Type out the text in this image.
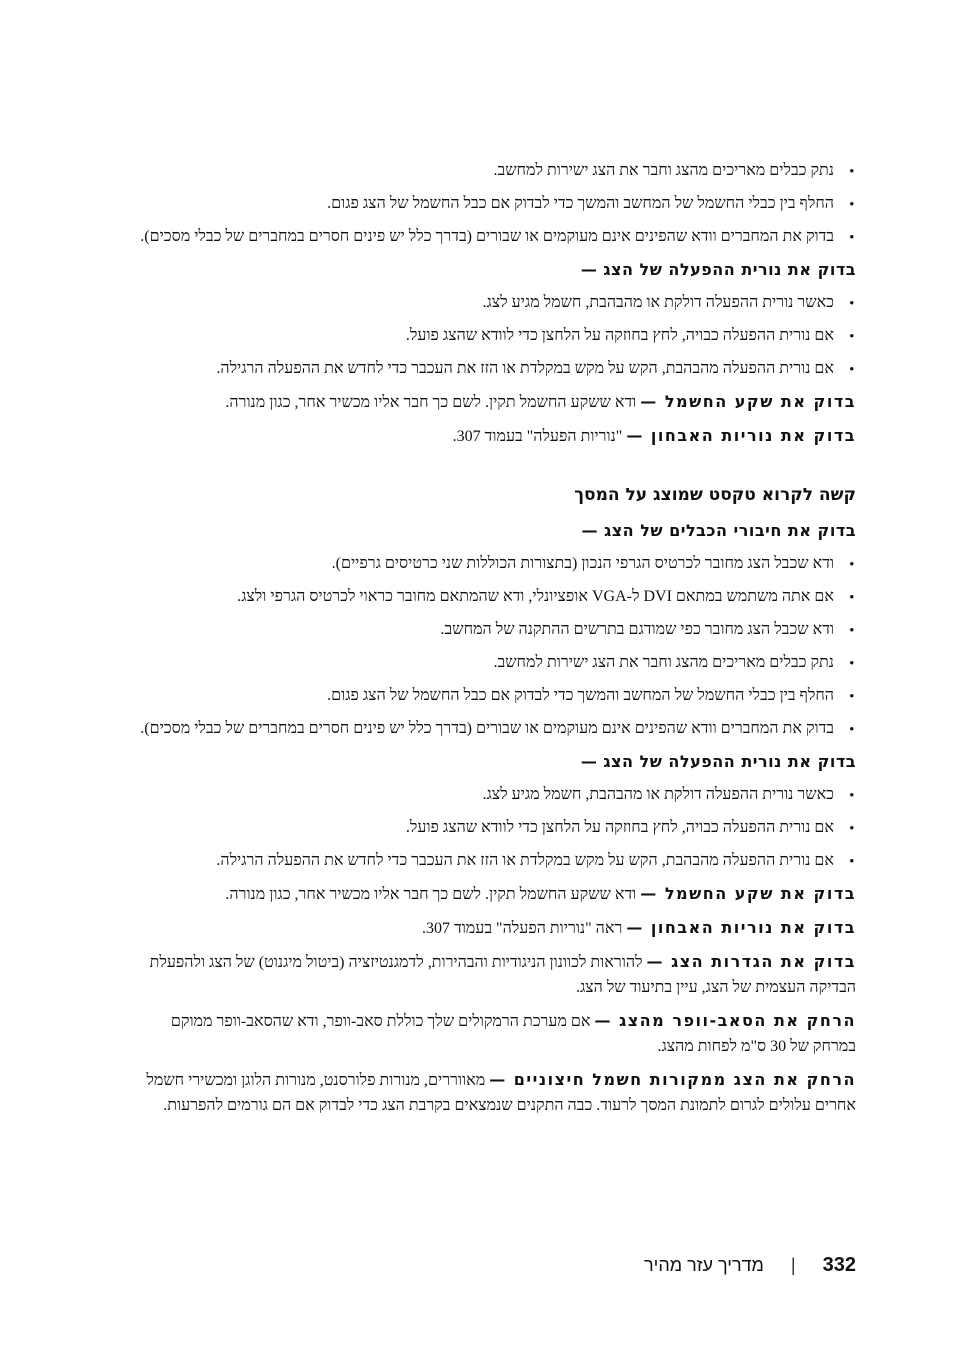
• נתק כבלים מאריכים מהצג וחבר את הצג ישירות למחשב.
• החלף בין כבלי החשמל של המחשב והמשך כדי לבדוק אם כבל החשמל של הצג פגום.
• בדוק את המחברים וודא שהפינים אינם מעוקמים או שבורים (בדרך כלל יש פינים חסרים במחברים של כבלי מסכים).
בדוק את נורית ההפעלה של הצג —
• כאשר נורית ההפעלה דולקת או מהבהבת, חשמל מגיע לצג.
• אם נורית ההפעלה כבויה, לחץ בחוזקה על הלחצן כדי לוודא שהצג פועל.
• אם נורית ההפעלה מהבהבת, הקש על מקש במקלדת או הזז את העכבר כדי לחדש את ההפעלה הרגילה.
בדוק את שקע החשמל — ודא ששקע החשמל תקין. לשם כך חבר אליו מכשיר אחר, כגון מנורה.
בדוק את נוריות האבחון — "נוריות הפעלה" בעמוד 307.
קשה לקרוא טקסט שמוצג על המסך
בדוק את חיבורי הכבלים של הצג —
• ודא שכבל הצג מחובר לכרטיס הגרפי הנכון (בתצורות הכוללות שני כרטיסים גרפיים).
• אם אתה משתמש במתאם DVI ל-VGA אופציונלי, ודא שהמתאם מחובר כראוי לכרטיס הגרפי ולצג.
• ודא שכבל הצג מחובר כפי שמודגם בתרשים ההתקנה של המחשב.
• נתק כבלים מאריכים מהצג וחבר את הצג ישירות למחשב.
• החלף בין כבלי החשמל של המחשב והמשך כדי לבדוק אם כבל החשמל של הצג פגום.
• בדוק את המחברים וודא שהפינים אינם מעוקמים או שבורים (בדרך כלל יש פינים חסרים במחברים של כבלי מסכים).
בדוק את נורית ההפעלה של הצג —
• כאשר נורית ההפעלה דולקת או מהבהבת, חשמל מגיע לצג.
• אם נורית ההפעלה כבויה, לחץ בחוזקה על הלחצן כדי לוודא שהצג פועל.
• אם נורית ההפעלה מהבהבת, הקש על מקש במקלדת או הזז את העכבר כדי לחדש את ההפעלה הרגילה.
בדוק את שקע החשמל — ודא ששקע החשמל תקין. לשם כך חבר אליו מכשיר אחר, כגון מנורה.
בדוק את נוריות האבחון — ראה "נוריות הפעלה" בעמוד 307.
בדוק את הגדרות הצג — להוראות לכוונון הניגודיות והבהירות, לדמגנטיזציה (ביטול מיגנוט) של הצג ולהפעלת הבדיקה העצמית של הצג, עיין בתיעוד של הצג.
הרחק את הסאב-וופר מהצג — אם מערכת הרמקולים שלך כוללת סאב-וופר, ודא שהסאב-וופר ממוקם במרחק של 30 ס"מ לפחות מהצג.
הרחק את הצג ממקורות חשמל חיצוניים — מאווררים, מנורות פלורסנט, מנורות הלוגן ומכשירי חשמל אחרים עלולים לגרום לתמונת המסך לרעוד. כבה התקנים שנמצאים בקרבת הצג כדי לבדוק אם הם גורמים להפרעות.
332 | מדריך עזר מהיר
